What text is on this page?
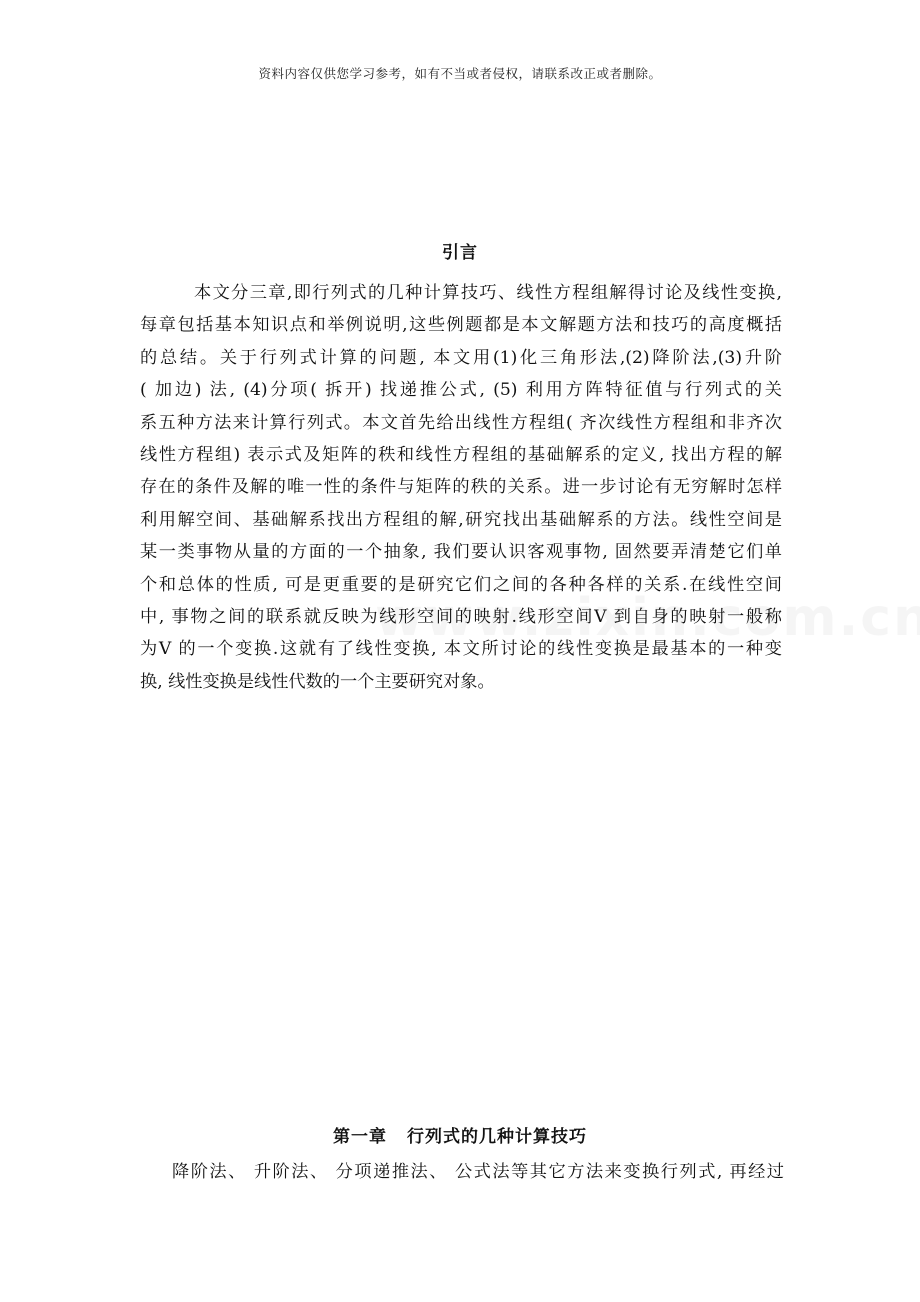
资料内容仅供您学习参考，如有不当或者侵权，请联系改正或者删除。
引言
本文分三章,即行列式的几种计算技巧、线性方程组解得讨论及线性变换,
每章包括基本知识点和举例说明,这些例题都是本文解题方法和技巧的高度概括
的总结。关于行列式计算的问题, 本文用(1)化三角形法,(2)降阶法,(3)升阶
( 加边) 法, (4)分项( 拆开) 找递推公式, (5) 利用方阵特征值与行列式的关
系五种方法来计算行列式。本文首先给出线性方程组( 齐次线性方程组和非齐次
线性方程组) 表示式及矩阵的秩和线性方程组的基础解系的定义, 找出方程的解
存在的条件及解的唯一性的条件与矩阵的秩的关系。进一步讨论有无穷解时怎样
利用解空间、基础解系找出方程组的解,研究找出基础解系的方法。线性空间是
某一类事物从量的方面的一个抽象, 我们要认识客观事物, 固然要弄清楚它们单
个和总体的性质, 可是更重要的是研究它们之间的各种各样的关系.在线性空间
中, 事物之间的联系就反映为线形空间的映射.线形空间V 到自身的映射一般称
为V 的一个变换.这就有了线性变换, 本文所讨论的线性变换是最基本的一种变
换, 线性变换是线性代数的一个主要研究对象。
第一章 行列式的几种计算技巧
降阶法、 升阶法、 分项递推法、 公式法等其它方法来变换行列式, 再经过
